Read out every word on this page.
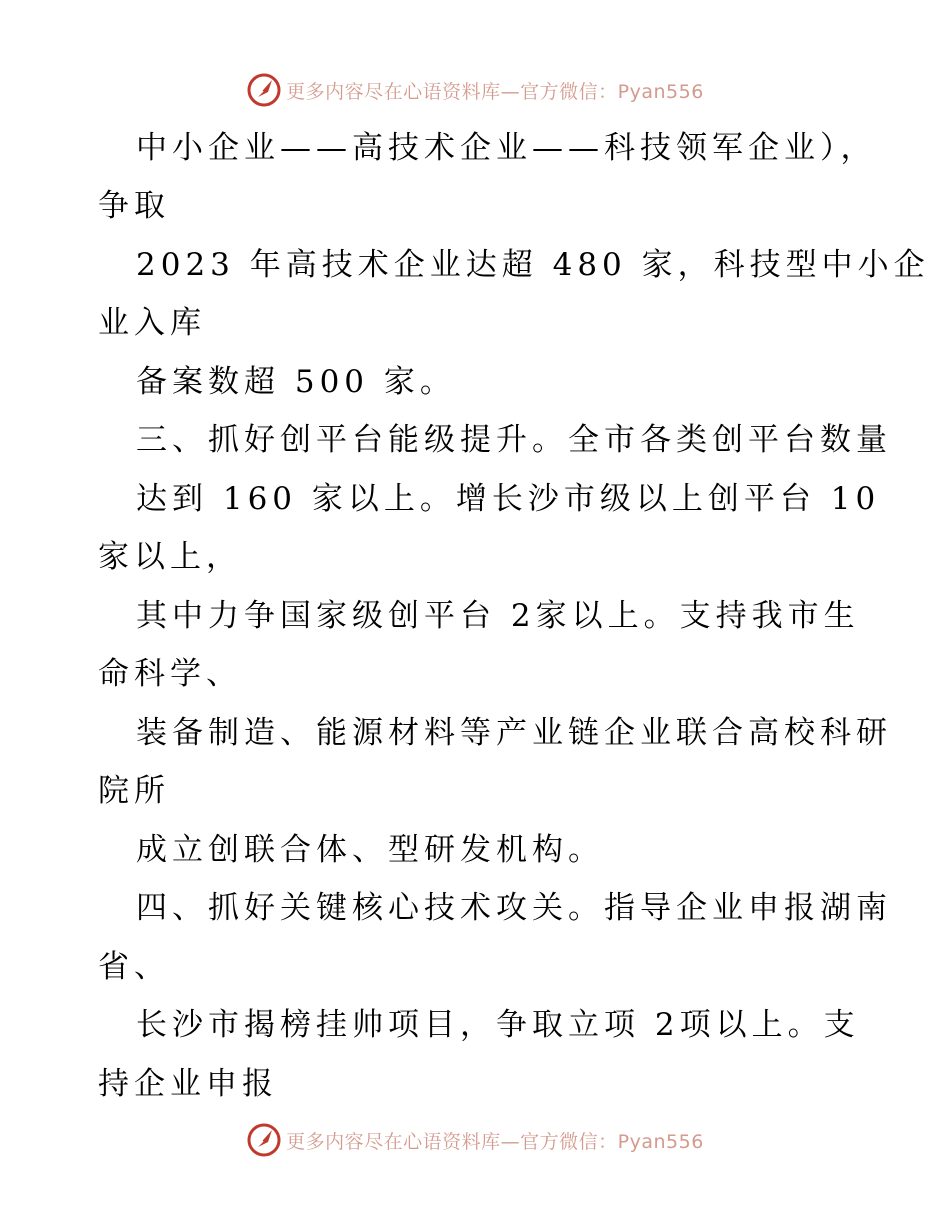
更多内容尽在心语资料库—官方微信：Pyan556
中小企业——高技术企业——科技领军企业），
争取
2023 年高技术企业达超 480 家，科技型中小企
业入库
备案数超 500 家。
三、抓好创平台能级提升。全市各类创平台数量
达到 160 家以上。增长沙市级以上创平台 10
家以上，
其中力争国家级创平台 2家以上。支持我市生
命科学、
装备制造、能源材料等产业链企业联合高校科研
院所
成立创联合体、型研发机构。
四、抓好关键核心技术攻关。指导企业申报湖南
省、
长沙市揭榜挂帅项目，争取立项 2项以上。支
持企业申报
更多内容尽在心语资料库—官方微信：Pyan556
